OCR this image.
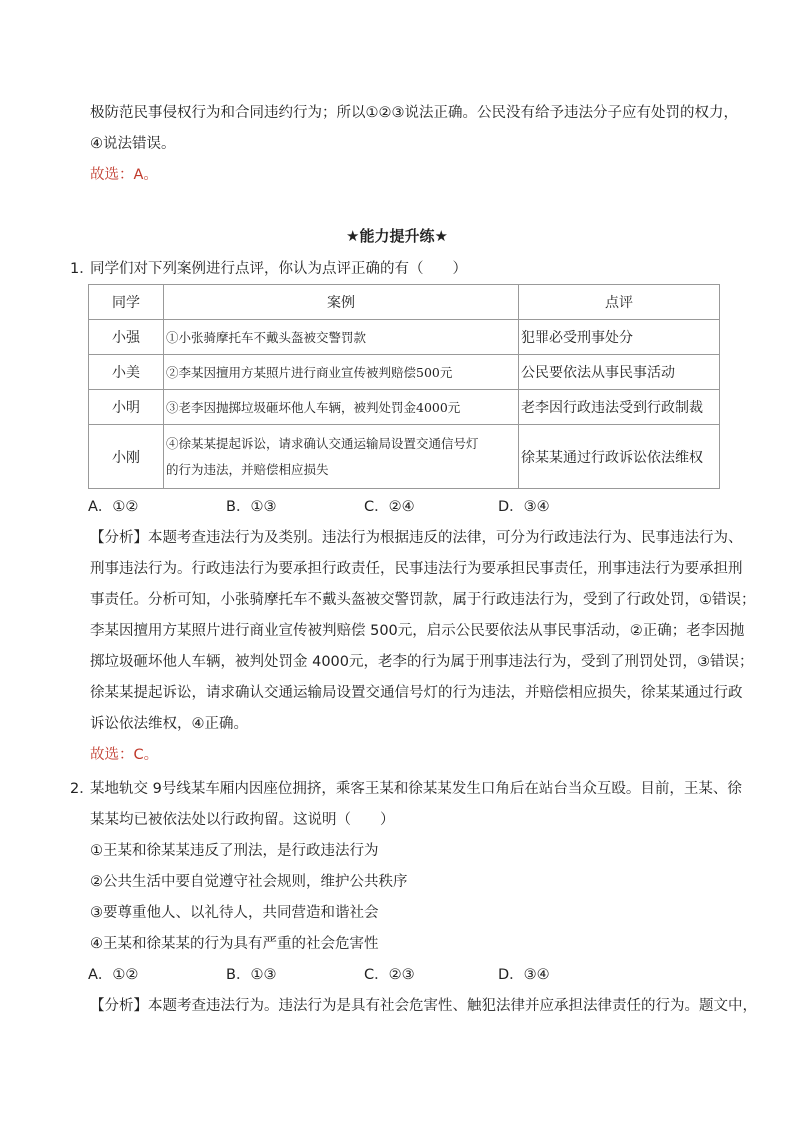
极防范民事侵权行为和合同违约行为；所以①②③说法正确。公民没有给予违法分子应有处罚的权力，
④说法错误。
故选：A。
★能力提升练★
1．
同学们对下列案例进行点评，你认为点评正确的有（　　）
同学	案例	点评
小强	①小张骑摩托车不戴头盔被交警罚款	犯罪必受刑事处分
小美	②李某因擅用方某照片进行商业宣传被判赔偿500元	公民要依法从事民事活动
小明	③老李因抛掷垃圾砸坏他人车辆，被判处罚金4000元	老李因行政违法受到行政制裁
小刚	④徐某某提起诉讼，请求确认交通运输局设置交通信号灯
的行为违法，并赔偿相应损失	徐某某通过行政诉讼依法维权
A．①②	B．①③	C．②④	D．③④
【分析】本题考查违法行为及类别。违法行为根据违反的法律，可分为行政违法行为、民事违法行为、
刑事违法行为。行政违法行为要承担行政责任，民事违法行为要承担民事责任，刑事违法行为要承担刑
事责任。分析可知，小张骑摩托车不戴头盔被交警罚款，属于行政违法行为，受到了行政处罚，①错误；
李某因擅用方某照片进行商业宣传被判赔偿 500元，启示公民要依法从事民事活动，②正确；老李因抛
掷垃圾砸坏他人车辆，被判处罚金 4000元，老李的行为属于刑事违法行为，受到了刑罚处罚，③错误；
徐某某提起诉讼，请求确认交通运输局设置交通信号灯的行为违法，并赔偿相应损失，徐某某通过行政
诉讼依法维权，④正确。
故选：C。
2．
某地轨交 9号线某车厢内因座位拥挤，乘客王某和徐某某发生口角后在站台当众互殴。目前，王某、徐
某某均已被依法处以行政拘留。这说明（　　）
①王某和徐某某违反了刑法，是行政违法行为
②公共生活中要自觉遵守社会规则，维护公共秩序
③要尊重他人、以礼待人，共同营造和谐社会
④王某和徐某某的行为具有严重的社会危害性
A．①②	B．①③	C．②③	D．③④
【分析】本题考查违法行为。违法行为是具有社会危害性、触犯法律并应承担法律责任的行为。题文中，
